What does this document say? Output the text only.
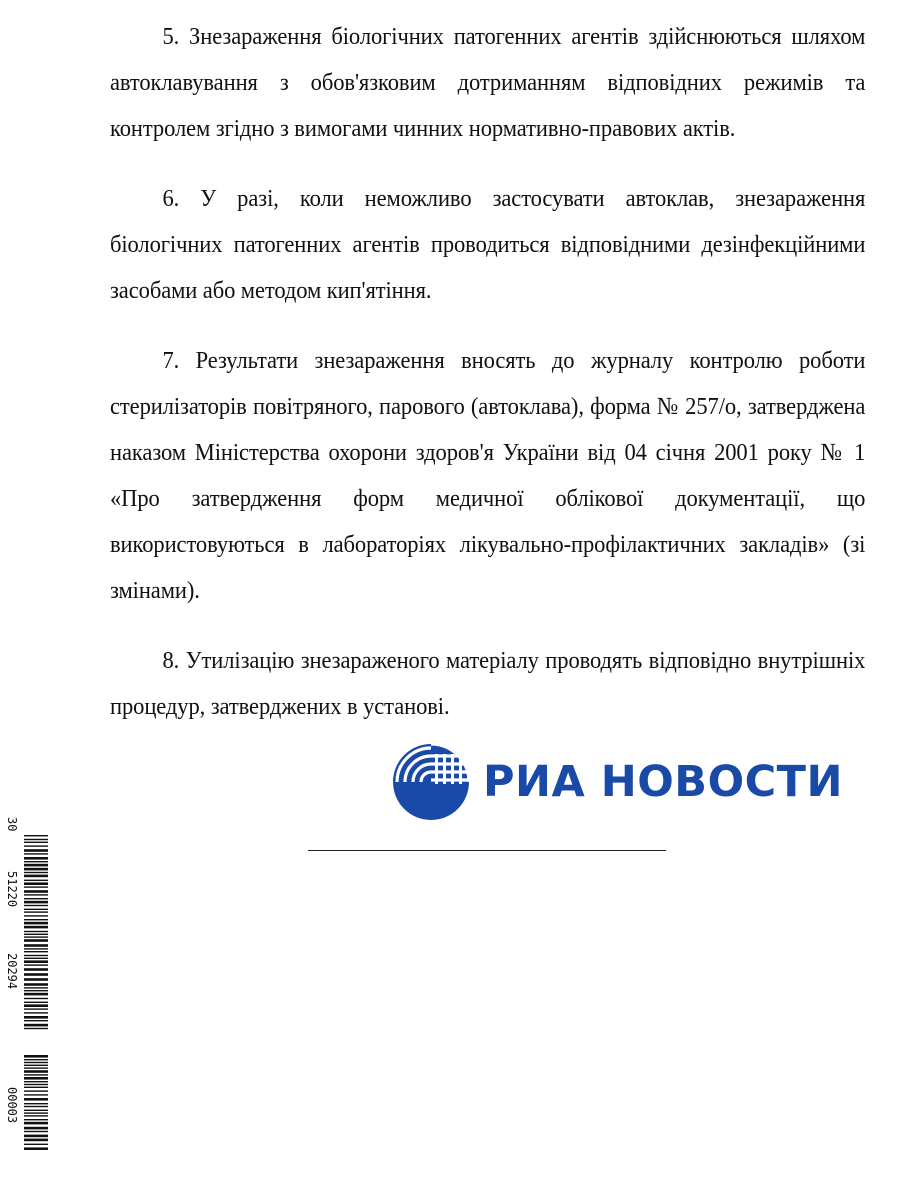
5. Знезараження біологічних патогенних агентів здійснюються шляхом автоклавування з обов'язковим дотриманням відповідних режимів та контролем згідно з вимогами чинних нормативно-правових актів.

6. У разі, коли неможливо застосувати автоклав, знезараження біологічних патогенних агентів проводиться відповідними дезінфекційними засобами або методом кип'ятіння.

7. Результати знезараження вносять до журналу контролю роботи стерилізаторів повітряного, парового (автоклава), форма № 257/о, затверджена наказом Міністерства охорони здоров'я України від 04 січня 2001 року № 1 «Про затвердження форм медичної облікової документації, що використовуються в лабораторіях лікувально-профілактичних закладів» (зі змінами).

8. Утилізацію знезараженого матеріалу проводять відповідно внутрішніх процедур, затверджених в установі.

РИА НОВОСТИ
30
51220
20294
00003
